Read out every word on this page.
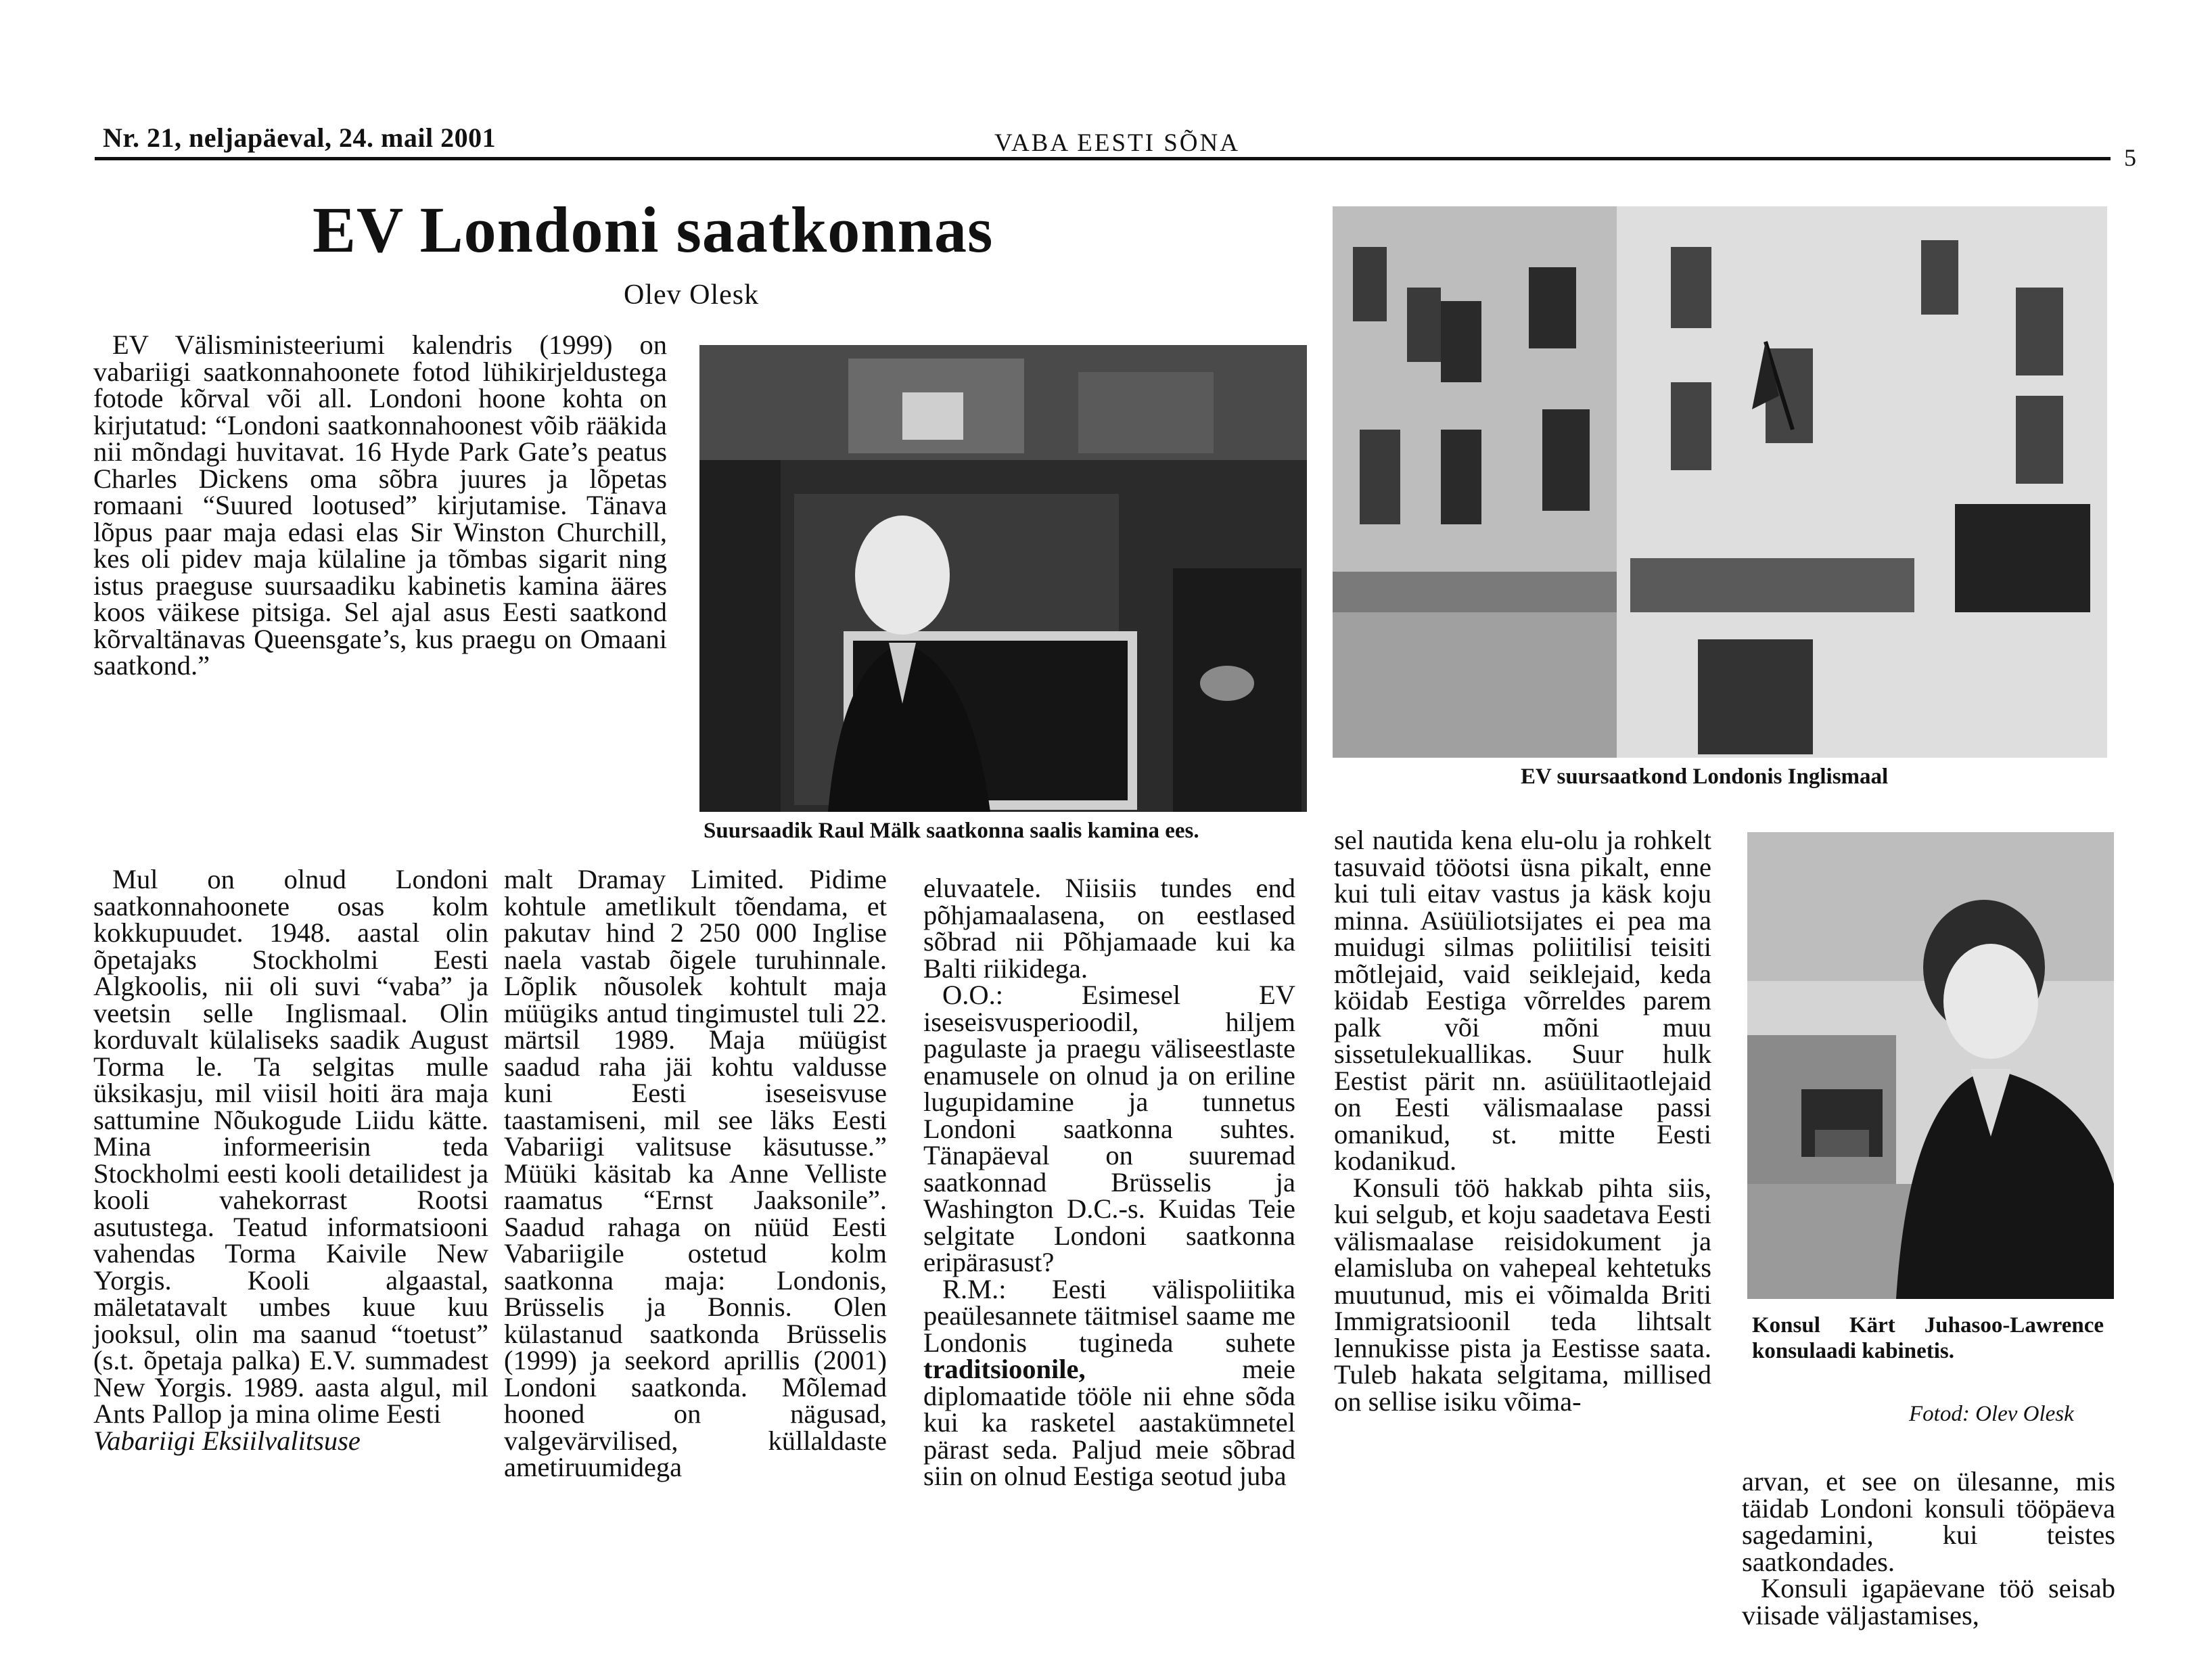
Nr. 21, neljapäeval, 24. mail 2001	VABA EESTI SÕNA
5
EV Londoni saatkonnas
Olev Olesk

EV Välisministeeriumi kalendris (1999) on vabariigi saatkonnahoonete fotod lühikirjeldustega fotode kõrval või all. Londoni hoone kohta on kirjutatud: “Londoni saatkonnahoonest võib rääkida nii mõndagi huvitavat. 16 Hyde Park Gate’s peatus Charles Dickens oma sõbra juures ja lõpetas romaani “Suured lootused” kirjutamise. Tänava lõpus paar maja edasi elas Sir Winston Churchill, kes oli pidev maja külaline ja tõmbas sigarit ning istus praeguse suursaadiku kabinetis kamina ääres koos väikese pitsiga. Sel ajal asus Eesti saatkond kõrvaltänavas Queensgate’s, kus praegu on Omaani saatkond.”

Suursaadik Raul Mälk saatkonna saalis kamina ees.
EV suursaatkond Londonis Inglismaal
Konsul Kärt Juhasoo-Lawrence konsulaadi kabinetis.
Fotod: Olev Olesk

Mul on olnud Londoni saatkonnahoonete osas kolm kokkupuudet. 1948. aastal olin õpetajaks Stockholmi Eesti Algkoolis, nii oli suvi “vaba” ja veetsin selle Inglismaal. Olin korduvalt külaliseks saadik August Torma le. Ta selgitas mulle üksikasju, mil viisil hoiti ära maja sattumine Nõukogude Liidu kätte. Mina informeerisin teda Stockholmi eesti kooli detailidest ja kooli vahekorrast Rootsi asutustega. Teatud informatsiooni vahendas Torma Kaivile New Yorgis. Kooli algaastal, mäletatavalt umbes kuue kuu jooksul, olin ma saanud “toetust” (s.t. õpetaja palka) E.V. summadest New Yorgis. 1989. aasta algul, mil Ants Pallop ja mina olime Eesti

Vabariigi Eksiilvalitsuse

malt Dramay Limited. Pidime kohtule ametlikult tõendama, et pakutav hind 2 250 000 Inglise naela vastab õigele turuhinnale. Lõplik nõusolek kohtult maja müügiks antud tingimustel tuli 22. märtsil 1989. Maja müügist saadud raha jäi kohtu valdusse kuni Eesti iseseisvuse taastamiseni, mil see läks Eesti Vabariigi valitsuse käsutusse.” Müüki käsitab ka Anne Velliste raamatus “Ernst Jaaksonile”. Saadud rahaga on nüüd Eesti Vabariigile ostetud kolm saatkonna maja: Londonis, Brüsselis ja Bonnis. Olen külastanud saatkonda Brüsselis (1999) ja seekord aprillis (2001) Londoni saatkonda. Mõlemad hooned on nägusad, valgevärvilised, küllaldaste ametiruumidega

eluvaatele. Niisiis tundes end põhjamaalasena, on eestlased sõbrad nii Põhjamaade kui ka Balti riikidega.

O.O.: Esimesel EV iseseisvusperioodil, hiljem pagulaste ja praegu väliseestlaste enamusele on olnud ja on eriline lugupidamine ja tunnetus Londoni saatkonna suhtes. Tänapäeval on suuremad saatkonnad Brüsselis ja Washington D.C.-s. Kuidas Teie selgitate Londoni saatkonna eripärasust?

R.M.: Eesti välispoliitika peaülesannete täitmisel saame me Londonis tuginedа suhete traditsioonile,	meie diplomaatide tööle nii ehne sõda kui ka rasketel aastakümnetel pärast seda. Paljud meie sõbrad siin on olnud Eestiga seotud juba

sel nautida kena elu-olu ja rohkelt tasuvaid tööotsi üsna pikalt, enne kui tuli eitav vastus ja käsk koju minna. Asüüliotsijates ei pea ma muidugi silmas poliitilisi teisiti mõtlejaid, vaid seiklejaid, keda köidab Eestiga võrreldes parem palk või mõni muu sissetulekuallikas. Suur hulk Eestist pärit nn. asüülitaotlejaid on Eesti välismaalase passi omanikud, st. mitte Eesti kodanikud.

Konsuli töö hakkab pihta siis, kui selgub, et koju saadetava Eesti välismaalase reisidokument ja elamisluba on vahepeal kehtetuks muutunud, mis ei võimalda Briti Immigratsioonil teda lihtsalt lennukisse pista ja Eestisse saata. Tuleb hakata selgitama, millised on sellise isiku võima-

arvan, et see on ülesanne, mis täidab Londoni konsuli tööpäeva sagedamini, kui teistes saatkondades.

Konsuli igapäevane töö seisab viisade väljastamises,
